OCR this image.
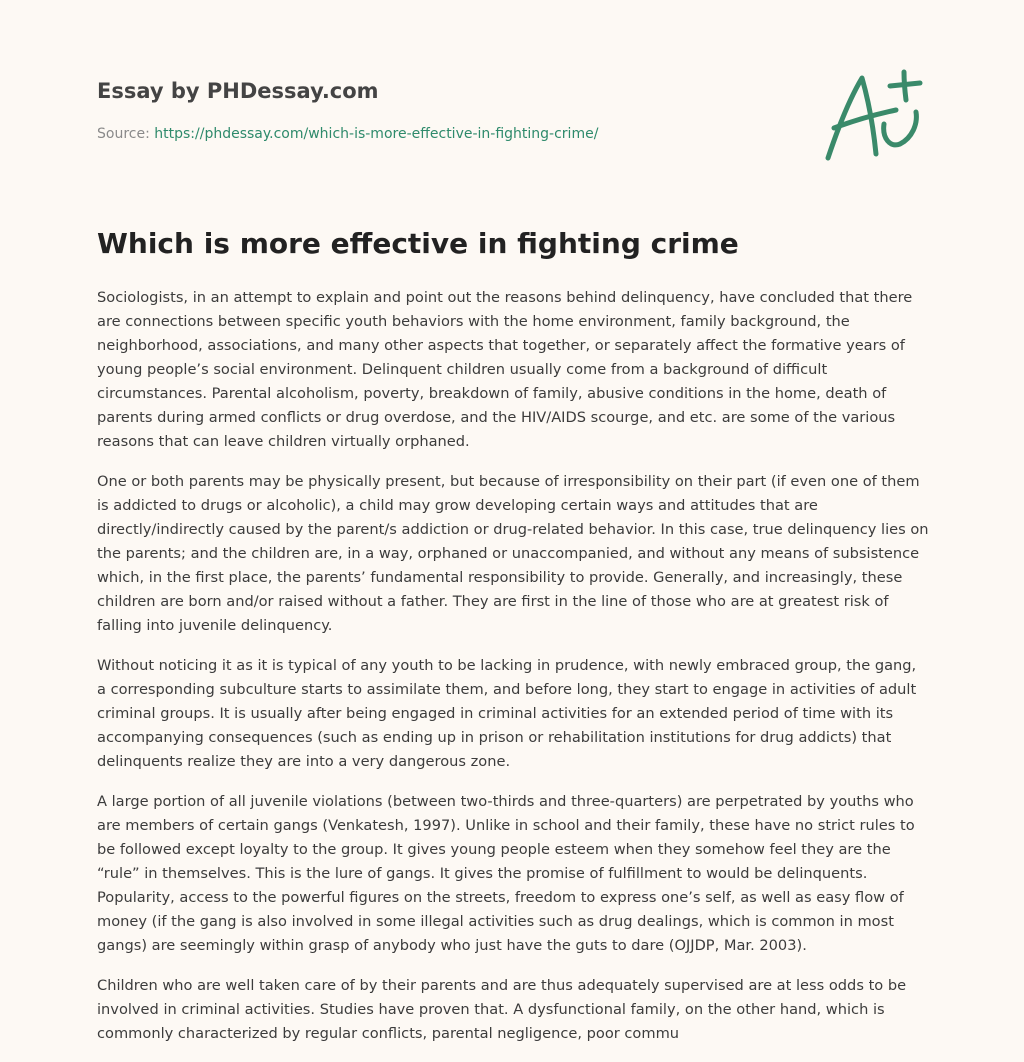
Essay by PHDessay.com
Source: https://phdessay.com/which-is-more-effective-in-fighting-crime/
Which is more effective in fighting crime

Sociologists, in an attempt to explain and point out the reasons behind delinquency, have concluded that there are connections between specific youth behaviors with the home environment, family background, the neighborhood, associations, and many other aspects that together, or separately affect the formative years of young people’s social environment. Delinquent children usually come from a background of difficult circumstances. Parental alcoholism, poverty, breakdown of family, abusive conditions in the home, death of parents during armed conflicts or drug overdose, and the HIV/AIDS scourge, and etc. are some of the various reasons that can leave children virtually orphaned.

One or both parents may be physically present, but because of irresponsibility on their part (if even one of them is addicted to drugs or alcoholic), a child may grow developing certain ways and attitudes that are directly/indirectly caused by the parent/s addiction or drug-related behavior. In this case, true delinquency lies on the parents; and the children are, in a way, orphaned or unaccompanied, and without any means of subsistence which, in the first place, the parents’ fundamental responsibility to provide. Generally, and increasingly, these children are born and/or raised without a father. They are first in the line of those who are at greatest risk of falling into juvenile delinquency.

Without noticing it as it is typical of any youth to be lacking in prudence, with newly embraced group, the gang, a corresponding subculture starts to assimilate them, and before long, they start to engage in activities of adult criminal groups. It is usually after being engaged in criminal activities for an extended period of time with its accompanying consequences (such as ending up in prison or rehabilitation institutions for drug addicts) that delinquents realize they are into a very dangerous zone.

A large portion of all juvenile violations (between two-thirds and three-quarters) are perpetrated by youths who are members of certain gangs (Venkatesh, 1997). Unlike in school and their family, these have no strict rules to be followed except loyalty to the group. It gives young people esteem when they somehow feel they are the “rule” in themselves. This is the lure of gangs. It gives the promise of fulfillment to would be delinquents. Popularity, access to the powerful figures on the streets, freedom to express one’s self, as well as easy flow of money (if the gang is also involved in some illegal activities such as drug dealings, which is common in most gangs) are seemingly within grasp of anybody who just have the guts to dare (OJJDP, Mar. 2003).

Children who are well taken care of by their parents and are thus adequately supervised are at less odds to be involved in criminal activities. Studies have proven that. A dysfunctional family, on the other hand, which is commonly characterized by regular conflicts, parental negligence, poor commu
